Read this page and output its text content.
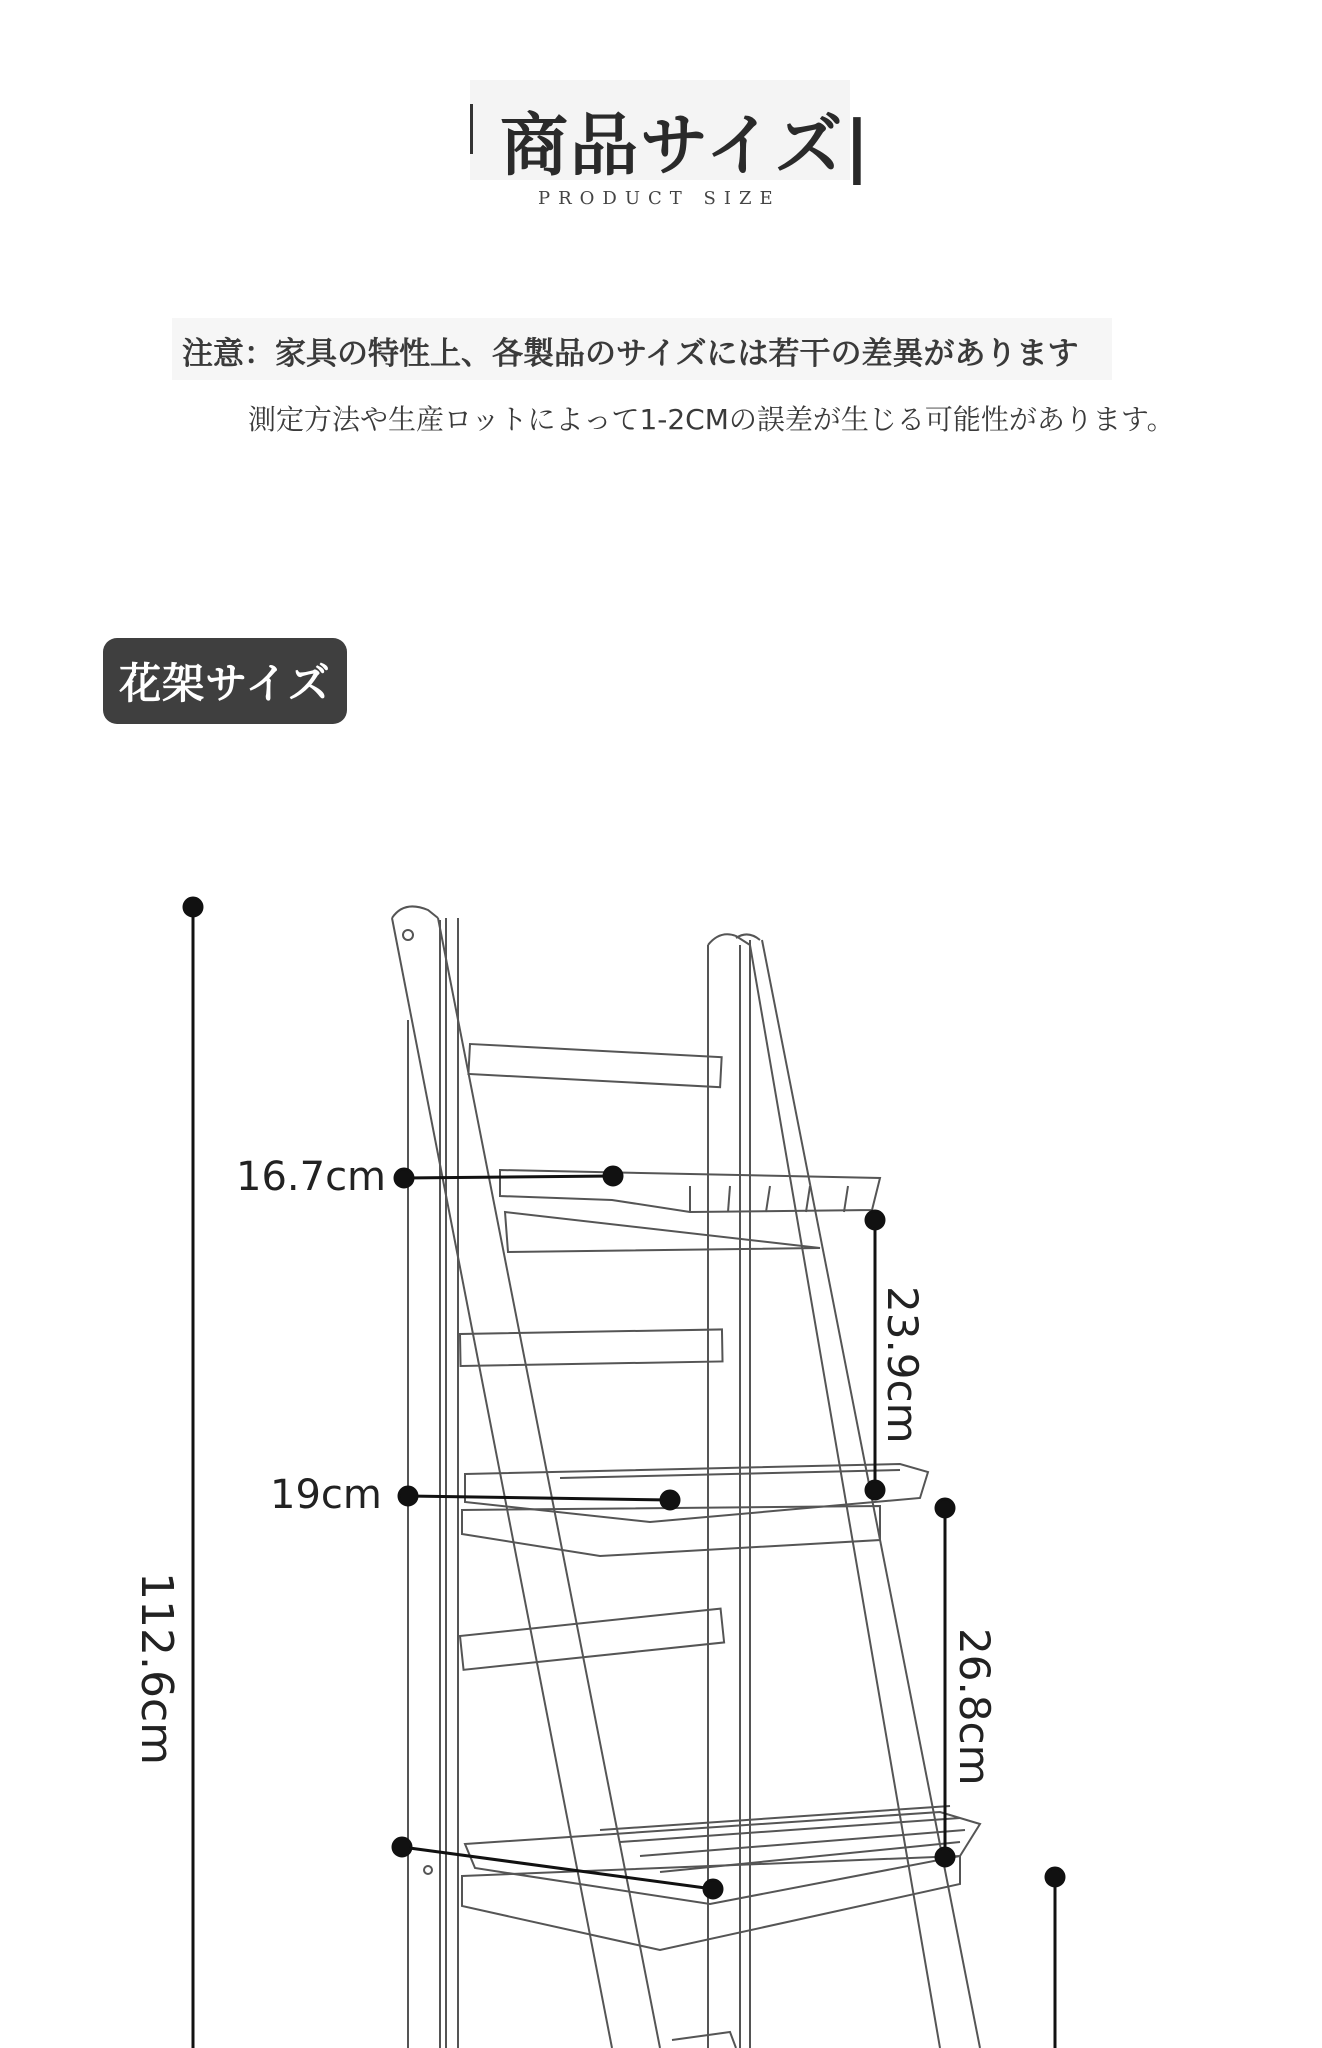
商品サイズ|
PRODUCT SIZE
注意：家具の特性上、各製品のサイズには若干の差異があります
測定方法や生産ロットによって1-2CMの誤差が生じる可能性があります。
花架サイズ
16.7cm
19cm
23.9cm
26.8cm
112.6cm
